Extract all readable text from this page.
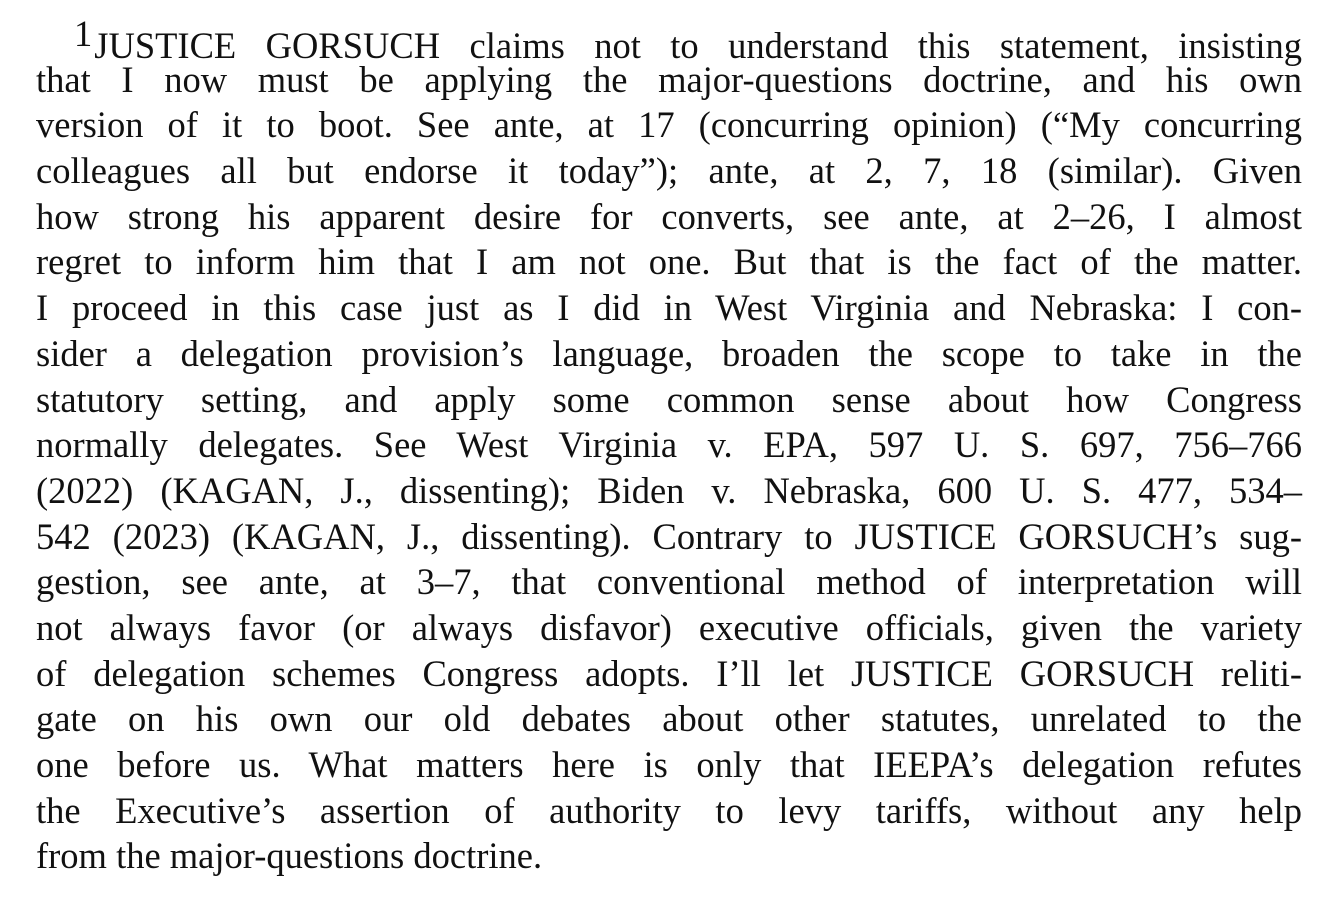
1JUSTICE GORSUCH claims not to understand this statement, insisting
that I now must be applying the major-questions doctrine, and his own
version of it to boot. See ante, at 17 (concurring opinion) (“My concurring
colleagues all but endorse it today”); ante, at 2, 7, 18 (similar). Given
how strong his apparent desire for converts, see ante, at 2–26, I almost
regret to inform him that I am not one. But that is the fact of the matter.
I proceed in this case just as I did in West Virginia and Nebraska: I con-
sider a delegation provision’s language, broaden the scope to take in the
statutory setting, and apply some common sense about how Congress
normally delegates. See West Virginia v. EPA, 597 U. S. 697, 756–766
(2022) (KAGAN, J., dissenting); Biden v. Nebraska, 600 U. S. 477, 534–
542 (2023) (KAGAN, J., dissenting). Contrary to JUSTICE GORSUCH’s sug-
gestion, see ante, at 3–7, that conventional method of interpretation will
not always favor (or always disfavor) executive officials, given the variety
of delegation schemes Congress adopts. I’ll let JUSTICE GORSUCH reliti-
gate on his own our old debates about other statutes, unrelated to the
one before us. What matters here is only that IEEPA’s delegation refutes
the Executive’s assertion of authority to levy tariffs, without any help
from the major-questions doctrine.
